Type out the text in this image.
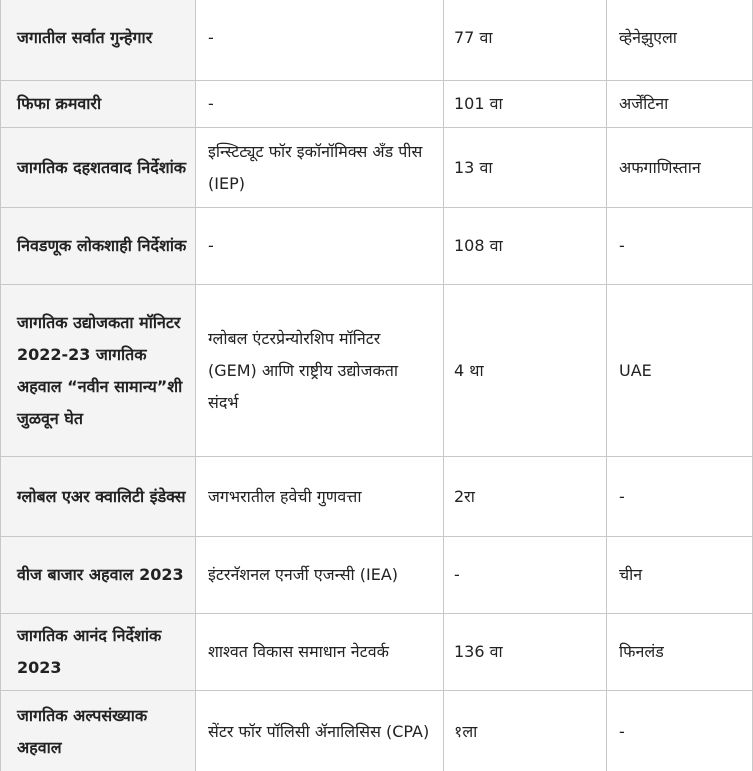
जगातील सर्वात गुन्हेगार	-	77 वा	व्हेनेझुएला
फिफा क्रमवारी	-	101 वा	अर्जेंटिना
जागतिक दहशतवाद निर्देशांक	इन्स्टिट्यूट फॉर इकॉनॉमिक्स अँड पीस (IEP)	13 वा	अफगाणिस्तान
निवडणूक लोकशाही निर्देशांक	-	108 वा	-
जागतिक उद्योजकता मॉनिटर 2022-23 जागतिक अहवाल “नवीन सामान्य”शी जुळवून घेत	ग्लोबल एंटरप्रेन्योरशिप मॉनिटर (GEM) आणि राष्ट्रीय उद्योजकता संदर्भ	4 था	UAE
ग्लोबल एअर क्वालिटी इंडेक्स	जगभरातील हवेची गुणवत्ता	2रा	-
वीज बाजार अहवाल 2023	इंटरनॅशनल एनर्जी एजन्सी (IEA)	-	चीन
जागतिक आनंद निर्देशांक 2023	शाश्वत विकास समाधान नेटवर्क	136 वा	फिनलंड
जागतिक अल्पसंख्याक अहवाल	सेंटर फॉर पॉलिसी ॲनालिसिस (CPA)	१ला	-
